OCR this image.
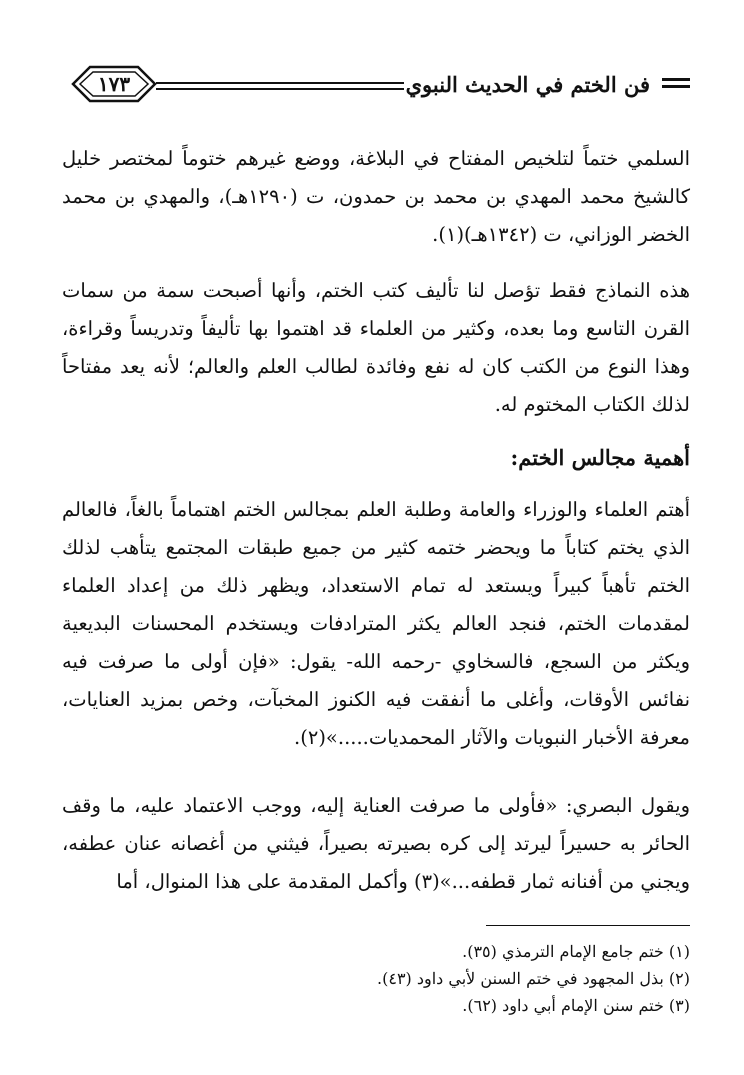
فن الختم في الحديث النبوي
١٧٣

السلمي ختماً لتلخيص المفتاح في البلاغة، ووضع غيرهم ختوماً لمختصر خليل كالشيخ محمد المهدي بن محمد بن حمدون، ت (١٢٩٠هـ)، والمهدي بن محمد الخضر الوزاني، ت (١٣٤٢هـ)(١).

هذه النماذج فقط تؤصل لنا تأليف كتب الختم، وأنها أصبحت سمة من سمات القرن التاسع وما بعده، وكثير من العلماء قد اهتموا بها تأليفاً وتدريساً وقراءة، وهذا النوع من الكتب كان له نفع وفائدة لطالب العلم والعالم؛ لأنه يعد مفتاحاً لذلك الكتاب المختوم له.

أهمية مجالس الختم:

أهتم العلماء والوزراء والعامة وطلبة العلم بمجالس الختم اهتماماً بالغاً، فالعالم الذي يختم كتاباً ما ويحضر ختمه كثير من جميع طبقات المجتمع يتأهب لذلك الختم تأهباً كبيراً ويستعد له تمام الاستعداد، ويظهر ذلك من إعداد العلماء لمقدمات الختم، فنجد العالم يكثر المترادفات ويستخدم المحسنات البديعية ويكثر من السجع، فالسخاوي -رحمه الله- يقول: «فإن أولى ما صرفت فيه نفائس الأوقات، وأغلى ما أنفقت فيه الكنوز المخبآت، وخص بمزيد العنايات، معرفة الأخبار النبويات والآثار المحمديات.....»(٢).

ويقول البصري: «فأولى ما صرفت العناية إليه، ووجب الاعتماد عليه، ما وقف الحائر به حسيراً ليرتد إلى كره بصيرته بصيراً، فيثني من أغصانه عنان عطفه، ويجني من أفنانه ثمار قطفه...»(٣) وأكمل المقدمة على هذا المنوال، أما

(١) ختم جامع الإمام الترمذي (٣٥).
(٢) بذل المجهود في ختم السنن لأبي داود (٤٣).
(٣) ختم سنن الإمام أبي داود (٦٢).
